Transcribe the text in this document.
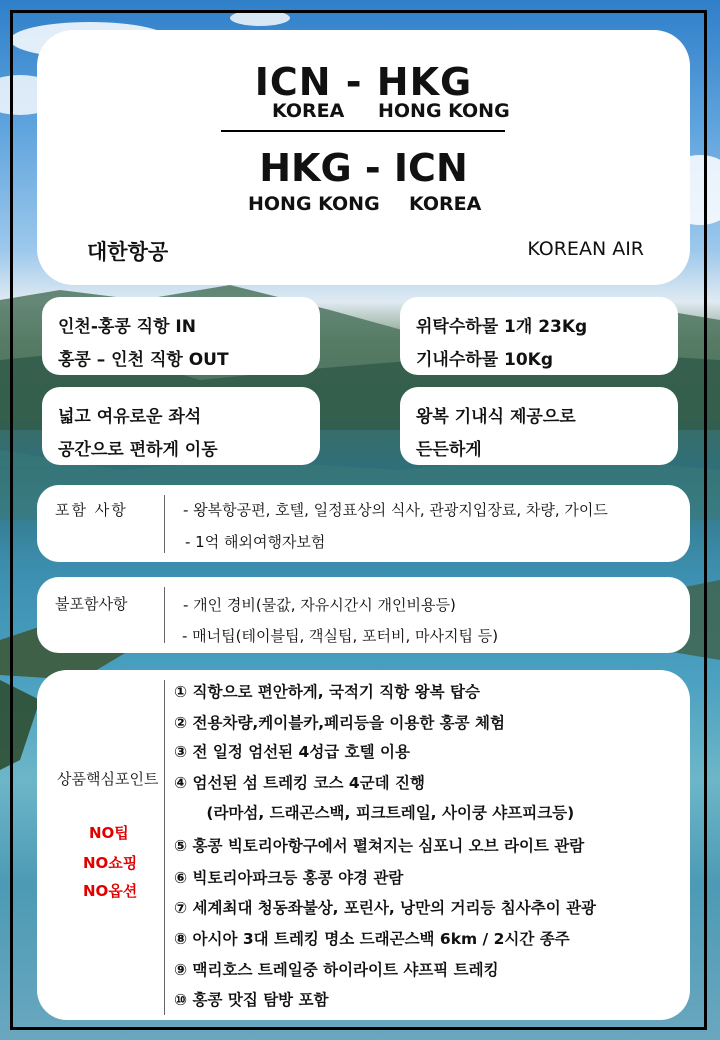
ICN - HKG
KOREA HONG KONG
HKG - ICN
HONG KONG KOREA
대한항공	KOREAN AIR
인천-홍콩 직항 IN
홍콩 – 인천 직항 OUT
위탁수하물 1개 23Kg
기내수하물 10Kg
넓고 여유로운 좌석
공간으로 편하게 이동
왕복 기내식 제공으로
든든하게
포함 사항	- 왕복항공편, 호텔, 일정표상의 식사, 관광지입장료, 차량, 가이드
- 1억 해외여행자보험
불포함사항	- 개인 경비(물값, 자유시간시 개인비용등)
- 매너팁(테이블팁, 객실팁, 포터비, 마사지팁 등)
상품핵심포인트
NO팁
NO쇼핑
NO옵션
① 직항으로 편안하게, 국적기 직항 왕복 탑승
② 전용차량,케이블카,페리등을 이용한 홍콩 체험
③ 전 일정 엄선된 4성급 호텔 이용
④ 엄선된 섬 트레킹 코스 4군데 진행
(라마섬, 드래곤스백, 피크트레일, 사이쿵 샤프피크등)
⑤ 홍콩 빅토리아항구에서 펼쳐지는 심포니 오브 라이트 관람
⑥ 빅토리아파크등 홍콩 야경 관람
⑦ 세계최대 청동좌불상, 포린사, 낭만의 거리등 침사추이 관광
⑧ 아시아 3대 트레킹 명소 드래곤스백 6km / 2시간 종주
⑨ 맥리호스 트레일중 하이라이트 샤프픽 트레킹
⑩ 홍콩 맛집 탐방 포함
